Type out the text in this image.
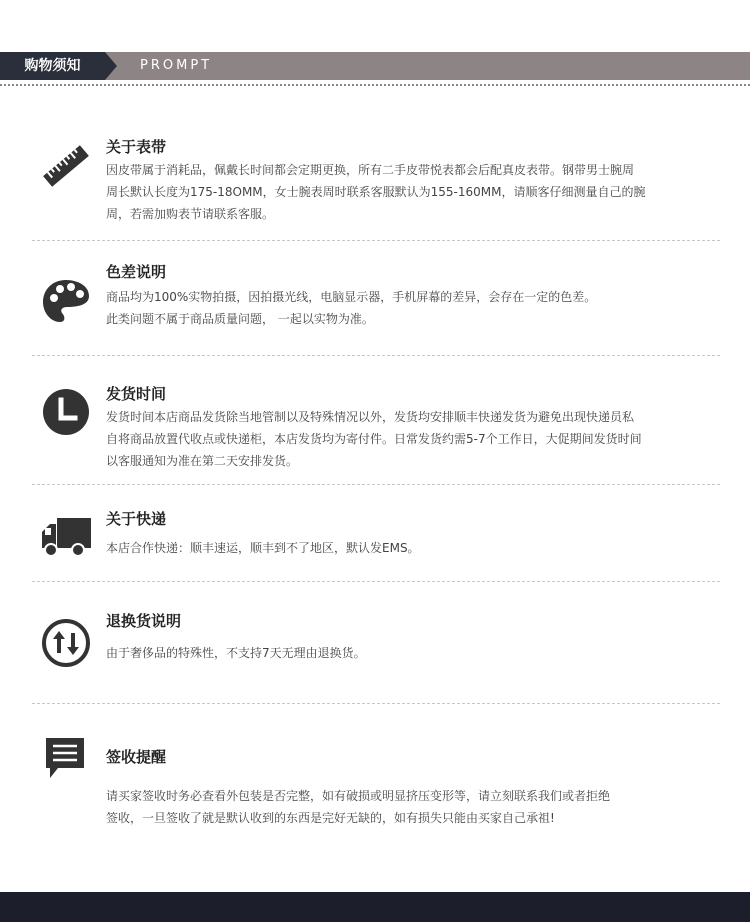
购物须知	PROMPT
关于表带
因皮带属于消耗品，佩戴长时间都会定期更换，所有二手皮带悦表都会后配真皮表带。钢带男士腕周
周长默认长度为175-18OMM，女士腕表周时联系客服默认为155-160MM，请顺客仔细测量自己的腕
周，若需加购表节请联系客服。
色差说明
商品均为100%实物拍摄，因拍摄光线，电脑显示器，手机屏幕的差异，会存在一定的色差。
此类问题不属于商品质量问题， 一起以实物为准。
发货时间
发货时间本店商品发货除当地管制以及特殊情况以外，发货均安排顺丰快递发货为避免出现快递员私
自将商品放置代收点或快递柜，本店发货均为寄付件。日常发货约需5-7个工作日，大促期间发货时间
以客服通知为准在第二天安排发货。
关于快递
本店合作快递：顺丰速运，顺丰到不了地区，默认发EMS。
退换货说明
由于奢侈品的特殊性，不支持7天无理由退换货。
签收提醒
请买家签收时务必查看外包装是否完整，如有破损或明显挤压变形等，请立刻联系我们或者拒绝
签收，一旦签收了就是默认收到的东西是完好无缺的，如有损失只能由买家自己承祖!
